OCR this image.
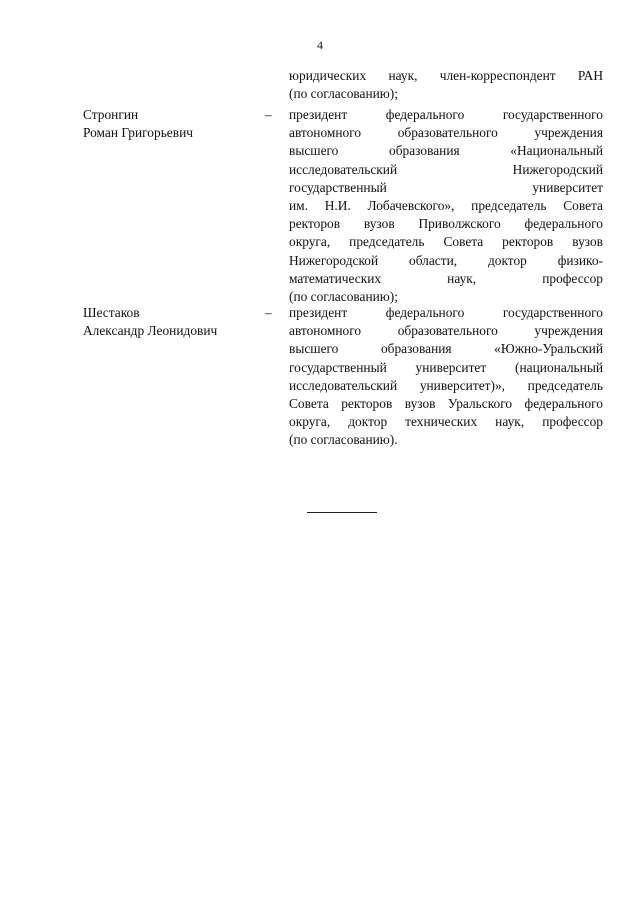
4
юридических наук, член-корреспондент РАН
(по согласованию);
Стронгин
Роман Григорьевич
– президент федерального государственного
автономного образовательного учреждения
высшего образования «Национальный
исследовательский Нижегородский
государственный университет
им. Н.И. Лобачевского», председатель Совета
ректоров вузов Приволжского федерального
округа, председатель Совета ректоров вузов
Нижегородской области, доктор физико-
математических наук, профессор
(по согласованию);
Шестаков
Александр Леонидович
– президент федерального государственного
автономного образовательного учреждения
высшего образования «Южно-Уральский
государственный университет (национальный
исследовательский университет)», председатель
Совета ректоров вузов Уральского федерального
округа, доктор технических наук, профессор
(по согласованию).
